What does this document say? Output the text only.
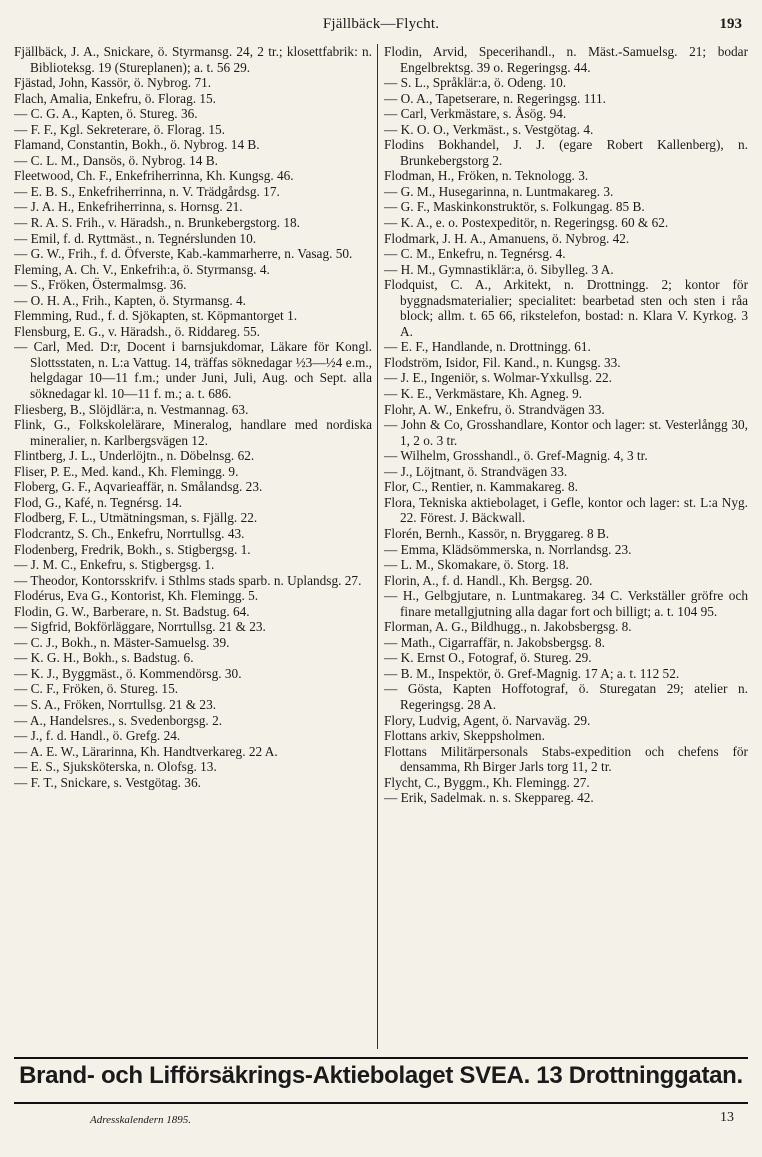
Fjällbäck—Flycht.	193
Fjällbäck, J. A., Snickare, ö. Styrmansg. 24, 2 tr.; klosettfabrik: n. Biblioteksg. 19 (Stureplanen); a. t. 56 29.
Fjästad, John, Kassör, ö. Nybrog. 71.
Flach, Amalia, Enkefru, ö. Florag. 15.
— C. G. A., Kapten, ö. Stureg. 36.
— F. F., Kgl. Sekreterare, ö. Florag. 15.
Flamand, Constantin, Bokh., ö. Nybrog. 14 B.
— C. L. M., Dansös, ö. Nybrog. 14 B.
Fleetwood, Ch. F., Enkefriherrinna, Kh. Kungsg. 46.
— E. B. S., Enkefriherrinna, n. V. Trädgårdsg. 17.
— J. A. H., Enkefriherrinna, s. Hornsg. 21.
— R. A. S. Frih., v. Häradsh., n. Brunkebergstorg. 18.
— Emil, f. d. Ryttmäst., n. Tegnérslunden 10.
— G. W., Frih., f. d. Öfverste, Kab.-kammarherre, n. Vasag. 50.
Fleming, A. Ch. V., Enkefrih:a, ö. Styrmansg. 4.
— S., Fröken, Östermalmsg. 36.
— O. H. A., Frih., Kapten, ö. Styrmansg. 4.
Flemming, Rud., f. d. Sjökapten, st. Köpmantorget 1.
Flensburg, E. G., v. Häradsh., ö. Riddareg. 55.
— Carl, Med. D:r, Docent i barnsjukdomar, Läkare för Kongl. Slottsstaten, n. L:a Vattug. 14, träffas söknedagar ½3—½4 e.m., helgdagar 10—11 f.m.; under Juni, Juli, Aug. och Sept. alla söknedagar kl. 10—11 f. m.; a. t. 686.
Fliesberg, B., Slöjdlär:a, n. Vestmannag. 63.
Flink, G., Folkskolelärare, Mineralog, handlare med nordiska mineralier, n. Karlbergsvägen 12.
Flintberg, J. L., Underlöjtn., n. Döbelnsg. 62.
Fliser, P. E., Med. kand., Kh. Flemingg. 9.
Floberg, G. F., Aqvarieaffär, n. Smålandsg. 23.
Flod, G., Kafé, n. Tegnérsg. 14.
Flodberg, F. L., Utmätningsman, s. Fjällg. 22.
Flodcrantz, S. Ch., Enkefru, Norrtullsg. 43.
Flodenberg, Fredrik, Bokh., s. Stigbergsg. 1.
— J. M. C., Enkefru, s. Stigbergsg. 1.
— Theodor, Kontorsskrifv. i Sthlms stads sparb. n. Uplandsg. 27.
Flodérus, Eva G., Kontorist, Kh. Flemingg. 5.
Flodin, G. W., Barberare, n. St. Badstug. 64.
— Sigfrid, Bokförläggare, Norrtullsg. 21 & 23.
— C. J., Bokh., n. Mäster-Samuelsg. 39.
— K. G. H., Bokh., s. Badstug. 6.
— K. J., Byggmäst., ö. Kommendörsg. 30.
— C. F., Fröken, ö. Stureg. 15.
— S. A., Fröken, Norrtullsg. 21 & 23.
— A., Handelsres., s. Svedenborgsg. 2.
— J., f. d. Handl., ö. Grefg. 24.
— A. E. W., Lärarinna, Kh. Handtverkareg. 22 A.
— E. S., Sjuksköterska, n. Olofsg. 13.
— F. T., Snickare, s. Vestgötag. 36.
Flodin, Arvid, Specerihandl., n. Mäst.-Samuelsg. 21; bodar Engelbrektsg. 39 o. Regeringsg. 44.
— S. L., Språklär:a, ö. Odeng. 10.
— O. A., Tapetserare, n. Regeringsg. 111.
— Carl, Verkmästare, s. Åsög. 94.
— K. O. O., Verkmäst., s. Vestgötag. 4.
Flodins Bokhandel, J. J. (egare Robert Kallenberg), n. Brunkebergstorg 2.
Flodman, H., Fröken, n. Teknologg. 3.
— G. M., Husegarinna, n. Luntmakareg. 3.
— G. F., Maskinkonstruktör, s. Folkungag. 85 B.
— K. A., e. o. Postexpeditör, n. Regeringsg. 60 & 62.
Flodmark, J. H. A., Amanuens, ö. Nybrog. 42.
— C. M., Enkefru, n. Tegnérsg. 4.
— H. M., Gymnastiklär:a, ö. Sibylleg. 3 A.
Flodquist, C. A., Arkitekt, n. Drottningg. 2; kontor för byggnadsmaterialier; specialitet: bearbetad sten och sten i råa block; allm. t. 65 66, rikstelefon, bostad: n. Klara V. Kyrkog. 3 A.
— E. F., Handlande, n. Drottningg. 61.
Flodström, Isidor, Fil. Kand., n. Kungsg. 33.
— J. E., Ingeniör, s. Wolmar-Yxkullsg. 22.
— K. E., Verkmästare, Kh. Agneg. 9.
Flohr, A. W., Enkefru, ö. Strandvägen 33.
— John & Co, Grosshandlare, Kontor och lager: st. Vesterlångg 30, 1, 2 o. 3 tr.
— Wilhelm, Grosshandl., ö. Gref-Magnig. 4, 3 tr.
— J., Löjtnant, ö. Strandvägen 33.
Flor, C., Rentier, n. Kammakareg. 8.
Flora, Tekniska aktiebolaget, i Gefle, kontor och lager: st. L:a Nyg. 22. Förest. J. Bäckwall.
Florén, Bernh., Kassör, n. Bryggareg. 8 B.
— Emma, Klädsömmerska, n. Norrlandsg. 23.
— L. M., Skomakare, ö. Storg. 18.
Florin, A., f. d. Handl., Kh. Bergsg. 20.
— H., Gelbgjutare, n. Luntmakareg. 34 C. Verkställer gröfre och finare metallgjutning alla dagar fort och billigt; a. t. 104 95.
Florman, A. G., Bildhugg., n. Jakobsbergsg. 8.
— Math., Cigarraffär, n. Jakobsbergsg. 8.
— K. Ernst O., Fotograf, ö. Stureg. 29.
— B. M., Inspektör, ö. Gref-Magnig. 17 A; a. t. 112 52.
— Gösta, Kapten Hoffotograf, ö. Sturegatan 29; atelier n. Regeringsg. 28 A.
Flory, Ludvig, Agent, ö. Narvaväg. 29.
Flottans arkiv, Skeppsholmen.
Flottans Militärpersonals Stabs-expedition och chefens för densamma, Rh Birger Jarls torg 11, 2 tr.
Flycht, C., Byggm., Kh. Flemingg. 27.
— Erik, Sadelmak. n. s. Skeppareg. 42.
Brand- och Lifförsäkrings-Aktiebolaget SVEA. 13 Drottninggatan.
Adresskalendern 1895.	13
